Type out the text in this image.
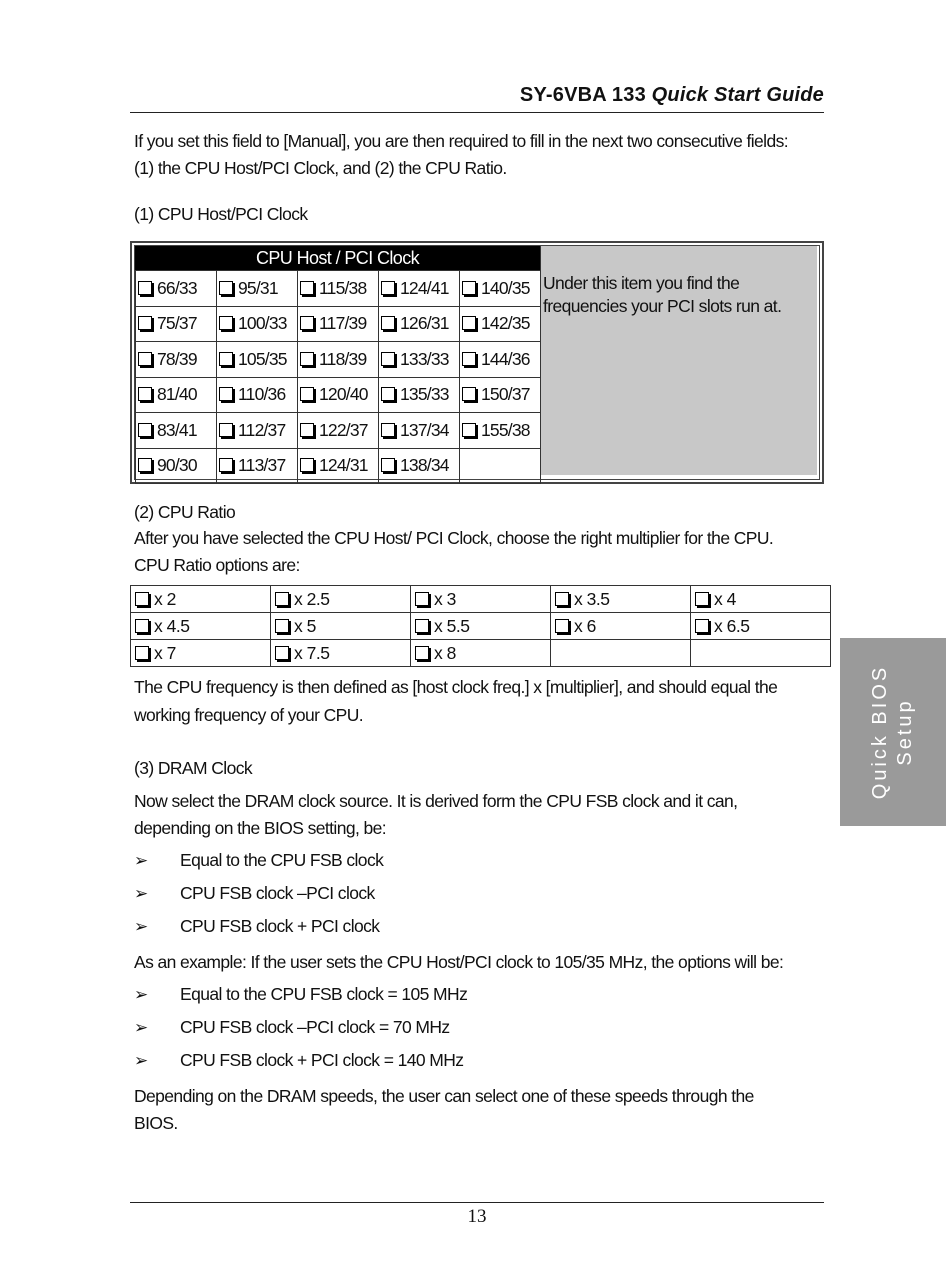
SY-6VBA 133 Quick Start Guide
If you set this field to [Manual], you are then required to fill in the next two consecutive fields:
(1) the CPU Host/PCI Clock, and (2) the CPU Ratio.
(1) CPU Host/PCI Clock
CPU Host / PCI Clock
66/33	95/31	115/38	124/41	140/35
75/37	100/33	117/39	126/31	142/35
78/39	105/35	118/39	133/33	144/36
81/40	110/36	120/40	135/33	150/37
83/41	112/37	122/37	137/34	155/38
90/30	113/37	124/31	138/34	
Under this item you find the frequencies your PCI slots run at.
(2) CPU Ratio
After you have selected the CPU Host/ PCI Clock, choose the right multiplier for the CPU.
CPU Ratio options are:
x 2	x 2.5	x 3	x 3.5	x 4
x 4.5	x 5	x 5.5	x 6	x 6.5
x 7	x 7.5	x 8		
The CPU frequency is then defined as [host clock freq.] x [multiplier], and should equal the
working frequency of your CPU.
(3) DRAM Clock
Now select the DRAM clock source. It is derived form the CPU FSB clock and it can,
depending on the BIOS setting, be:
➢ Equal to the CPU FSB clock
➢ CPU FSB clock –PCI clock
➢ CPU FSB clock + PCI clock
As an example: If the user sets the CPU Host/PCI clock to 105/35 MHz, the options will be:
➢ Equal to the CPU FSB clock = 105 MHz
➢ CPU FSB clock –PCI clock = 70 MHz
➢ CPU FSB clock + PCI clock = 140 MHz
Depending on the DRAM speeds, the user can select one of these speeds through the
BIOS.
Quick BIOS Setup
13
